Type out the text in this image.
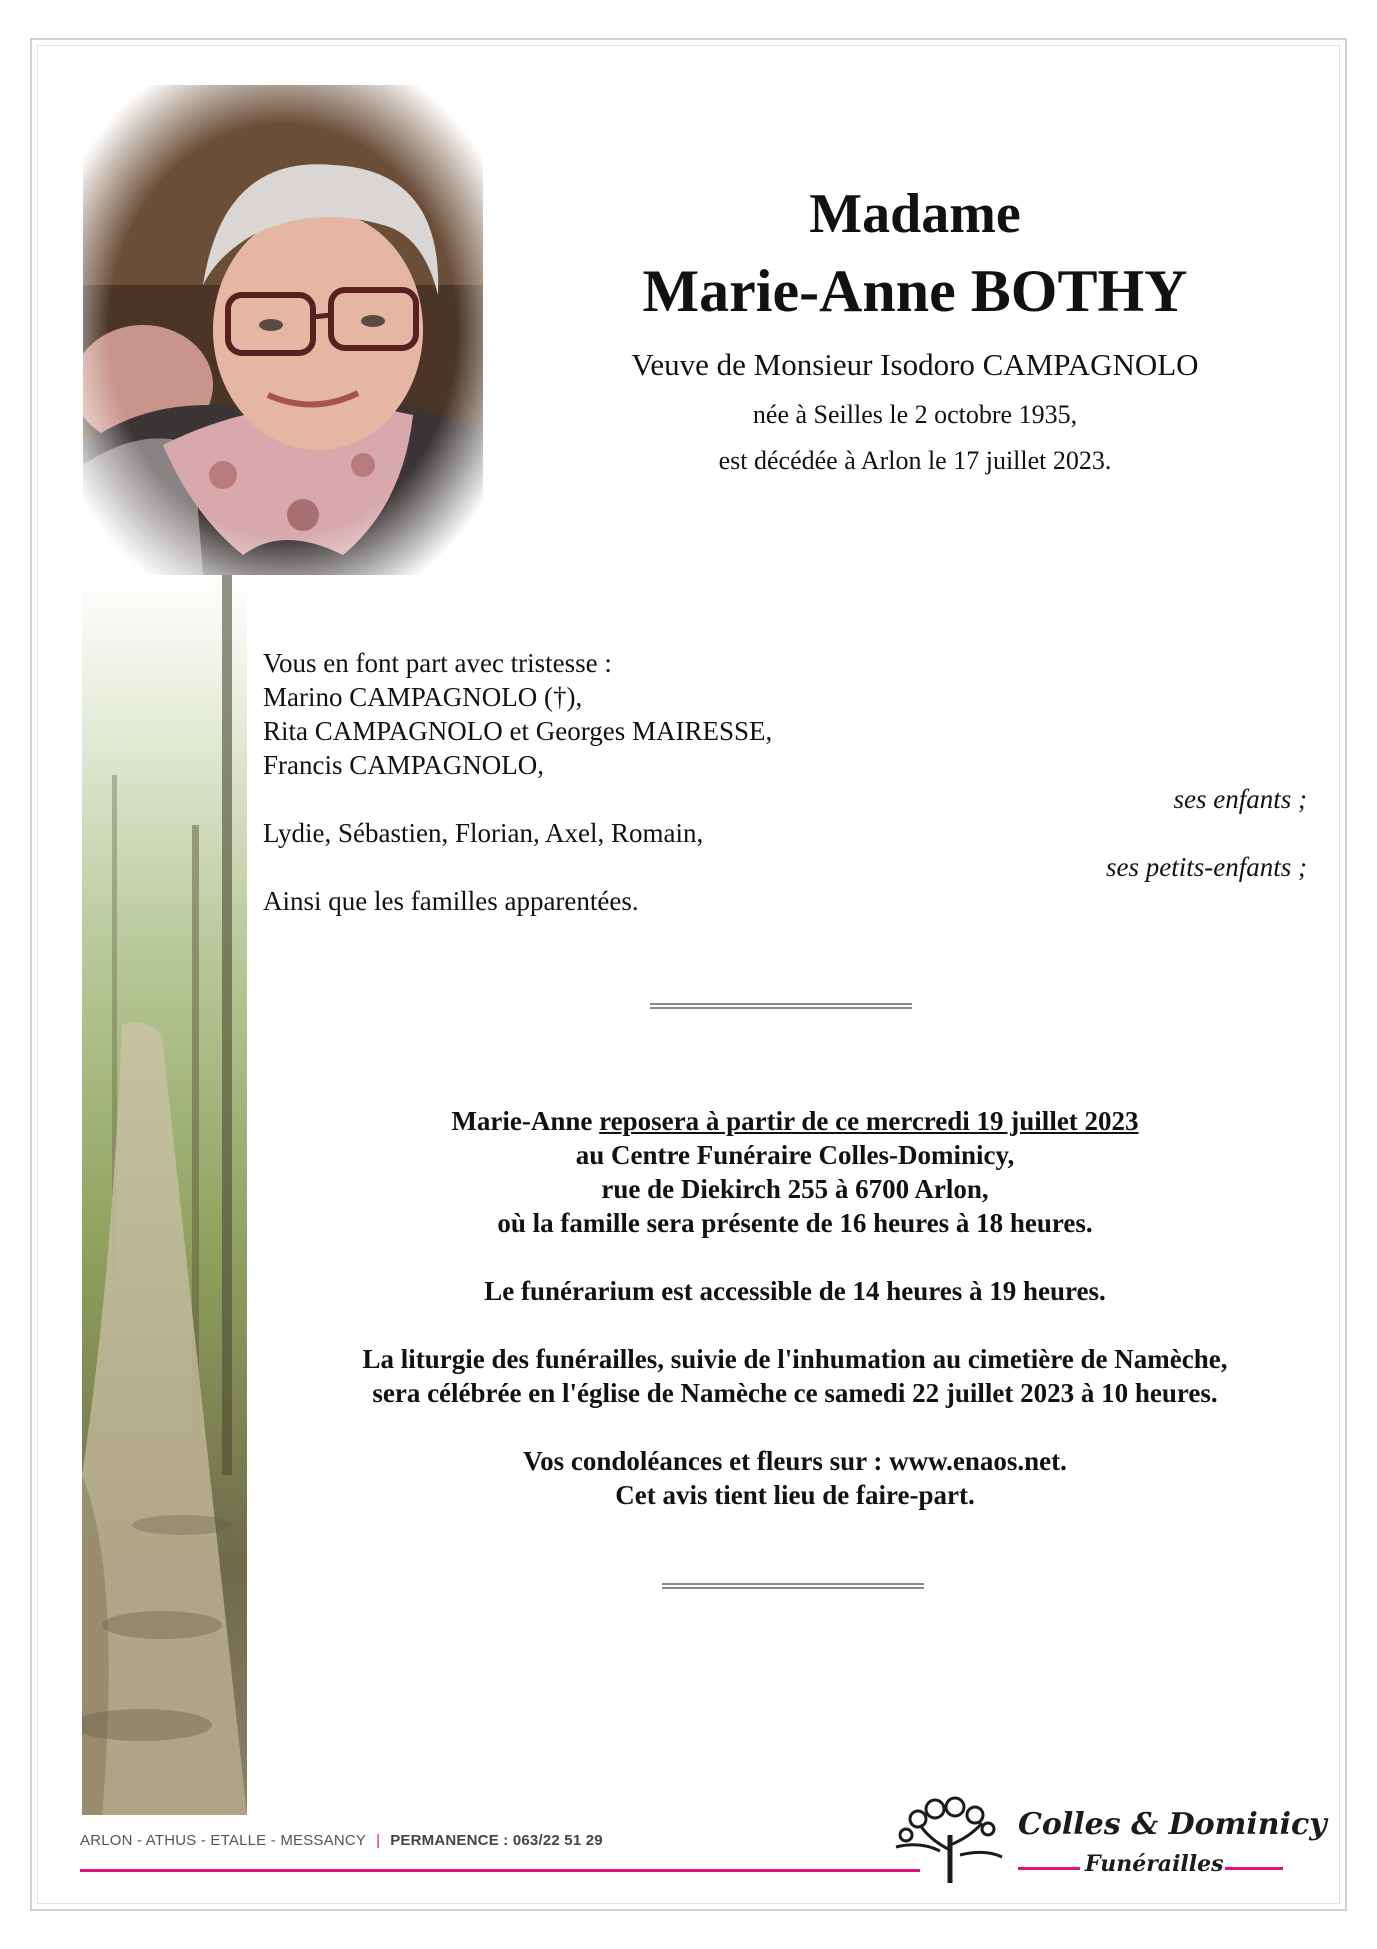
Madame
Marie-Anne BOTHY
Veuve de Monsieur Isodoro CAMPAGNOLO
née à Seilles le 2 octobre 1935,
est décédée à Arlon le 17 juillet 2023.
Vous en font part avec tristesse :
Marino CAMPAGNOLO (†),
Rita CAMPAGNOLO et Georges MAIRESSE,
Francis CAMPAGNOLO,
ses enfants ;
Lydie, Sébastien, Florian, Axel, Romain,
ses petits-enfants ;
Ainsi que les familles apparentées.

Marie-Anne reposera à partir de ce mercredi 19 juillet 2023
au Centre Funéraire Colles-Dominicy,
rue de Diekirch 255 à 6700 Arlon,
où la famille sera présente de 16 heures à 18 heures.

Le funérarium est accessible de 14 heures à 19 heures.

La liturgie des funérailles, suivie de l'inhumation au cimetière de Namèche,
sera célébrée en l'église de Namèche ce samedi 22 juillet 2023 à 10 heures.

Vos condoléances et fleurs sur : www.enaos.net.
Cet avis tient lieu de faire-part.

ARLON - ATHUS - ETALLE - MESSANCY | PERMANENCE : 063/22 51 29	Colles & Dominicy
Funérailles
